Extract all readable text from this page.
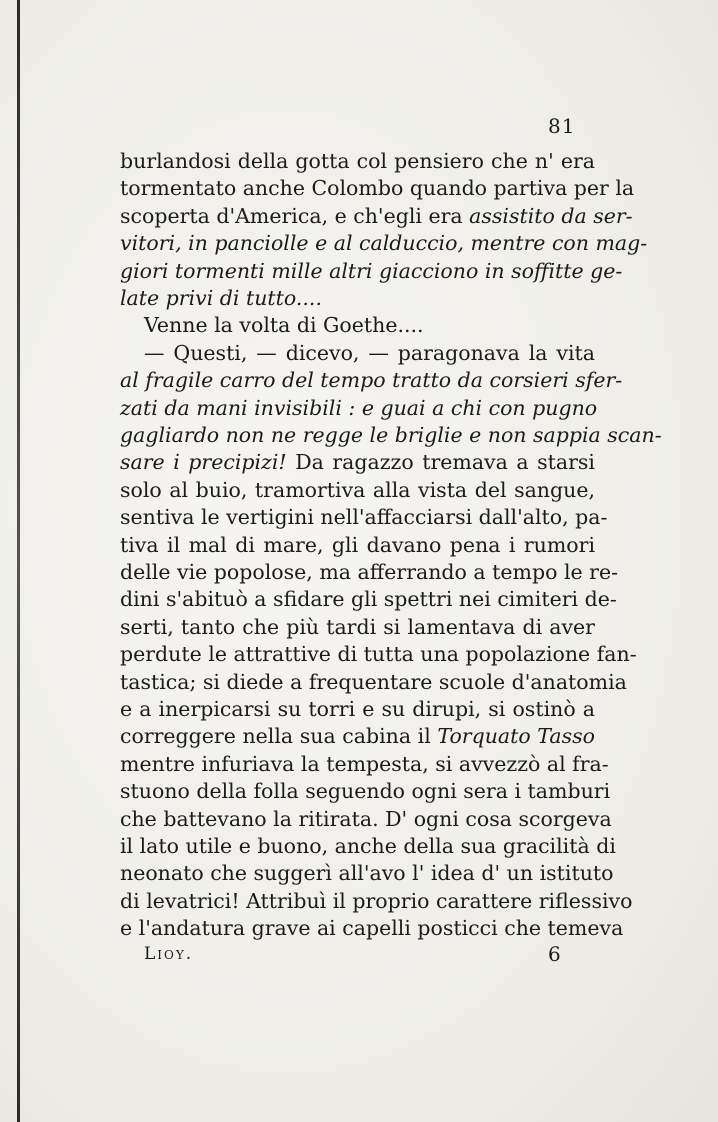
81
burlandosi della gotta col pensiero che n' era
tormentato anche Colombo quando partiva per la
scoperta d'America, e ch'egli era assistito da ser-
vitori, in panciolle e al calduccio, mentre con mag-
giori tormenti mille altri giacciono in soffitte ge-
late privi di tutto....
Venne la volta di Goethe....
— Questi, — dicevo, — paragonava la vita
al fragile carro del tempo tratto da corsieri sfer-
zati da mani invisibili : e guai a chi con pugno
gagliardo non ne regge le briglie e non sappia scan-
sare i precipizi! Da ragazzo tremava a starsi
solo al buio, tramortiva alla vista del sangue,
sentiva le vertigini nell'affacciarsi dall'alto, pa-
tiva il mal di mare, gli davano pena i rumori
delle vie popolose, ma afferrando a tempo le re-
dini s'abituò a sfidare gli spettri nei cimiteri de-
serti, tanto che più tardi si lamentava di aver
perdute le attrattive di tutta una popolazione fan-
tastica; si diede a frequentare scuole d'anatomia
e a inerpicarsi su torri e su dirupi, si ostinò a
correggere nella sua cabina il Torquato Tasso
mentre infuriava la tempesta, si avvezzò al fra-
stuono della folla seguendo ogni sera i tamburi
che battevano la ritirata. D' ogni cosa scorgeva
il lato utile e buono, anche della sua gracilità di
neonato che suggerì all'avo l' idea d' un istituto
di levatrici! Attribuì il proprio carattere riflessivo
e l'andatura grave ai capelli posticci che temeva
Lioy.	6
